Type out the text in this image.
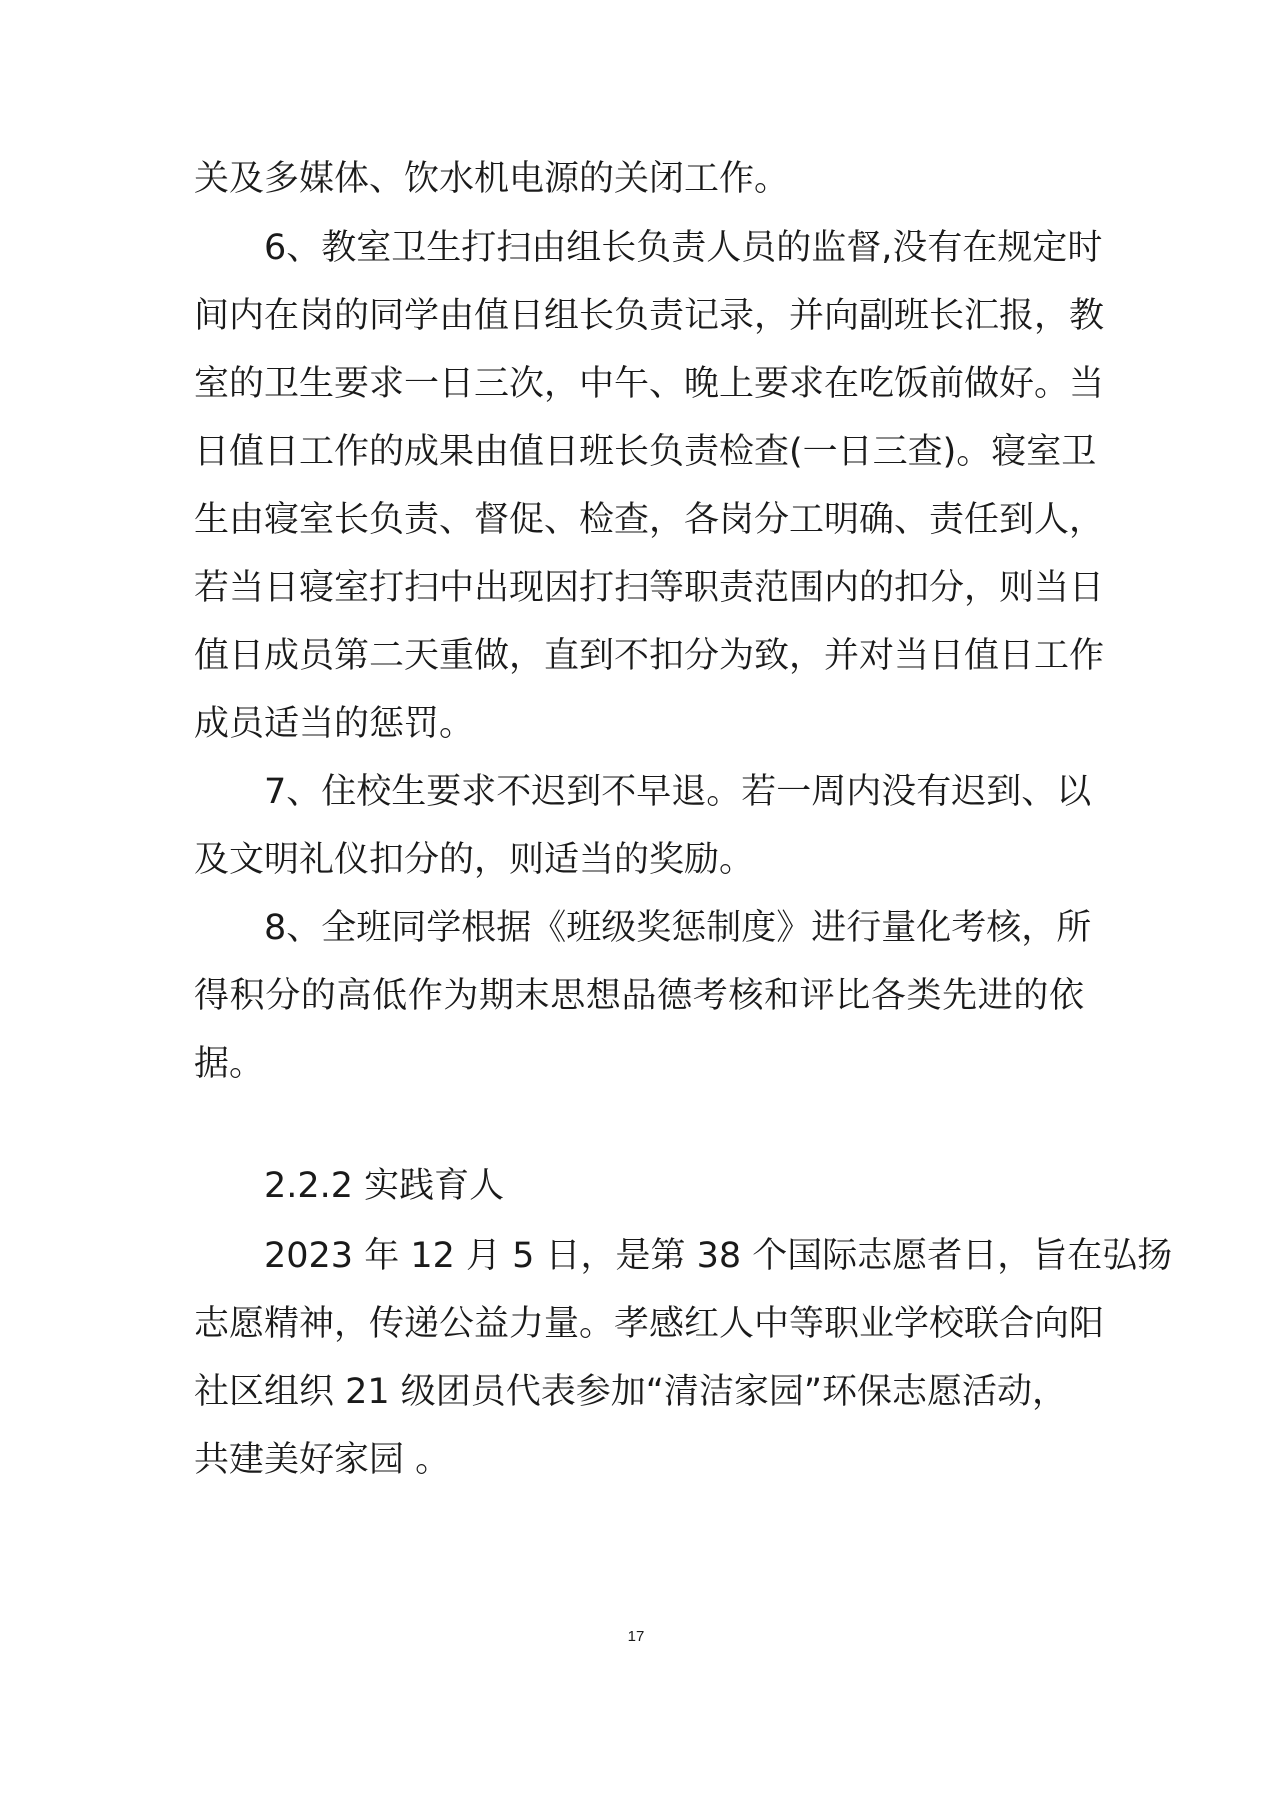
关及多媒体、饮水机电源的关闭工作。
6、教室卫生打扫由组长负责人员的监督,没有在规定时
间内在岗的同学由值日组长负责记录，并向副班长汇报，教
室的卫生要求一日三次，中午、晚上要求在吃饭前做好。当
日值日工作的成果由值日班长负责检查(一日三查)。寝室卫
生由寝室长负责、督促、检查，各岗分工明确、责任到人，
若当日寝室打扫中出现因打扫等职责范围内的扣分，则当日
值日成员第二天重做，直到不扣分为致，并对当日值日工作
成员适当的惩罚。
7、住校生要求不迟到不早退。若一周内没有迟到、以
及文明礼仪扣分的，则适当的奖励。
8、全班同学根据《班级奖惩制度》进行量化考核，所
得积分的高低作为期末思想品德考核和评比各类先进的依
据。
2.2.2 实践育人
2023 年 12 月 5 日，是第 38 个国际志愿者日，旨在弘扬
志愿精神，传递公益力量。孝感红人中等职业学校联合向阳
社区组织 21 级团员代表参加“清洁家园”环保志愿活动，
共建美好家园 。
17
